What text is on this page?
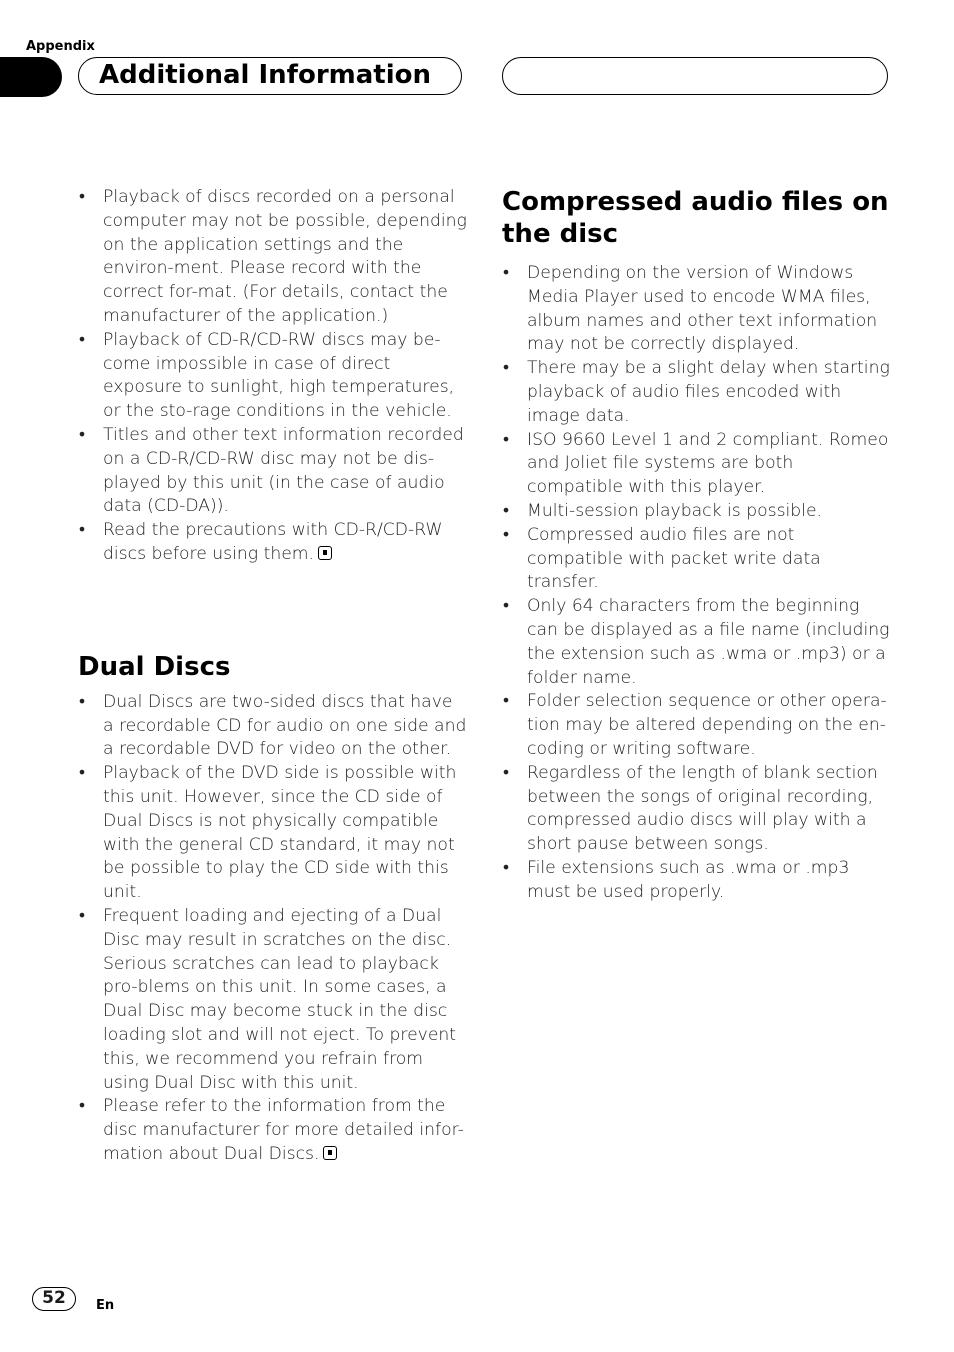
Appendix
Additional Information
• Playback of discs recorded on a personal computer may not be possible, depending on the application settings and the environ-ment. Please record with the correct for-mat. (For details, contact the manufacturer of the application.)
• Playback of CD-R/CD-RW discs may be-come impossible in case of direct exposure to sunlight, high temperatures, or the sto-rage conditions in the vehicle.
• Titles and other text information recorded on a CD-R/CD-RW disc may not be dis-played by this unit (in the case of audio data (CD-DA)).
• Read the precautions with CD-R/CD-RW discs before using them.
Dual Discs
• Dual Discs are two-sided discs that have a recordable CD for audio on one side and a recordable DVD for video on the other.
• Playback of the DVD side is possible with this unit. However, since the CD side of Dual Discs is not physically compatible with the general CD standard, it may not be possible to play the CD side with this unit.
• Frequent loading and ejecting of a Dual Disc may result in scratches on the disc. Serious scratches can lead to playback pro-blems on this unit. In some cases, a Dual Disc may become stuck in the disc loading slot and will not eject. To prevent this, we recommend you refrain from using Dual Disc with this unit.
• Please refer to the information from the disc manufacturer for more detailed infor-mation about Dual Discs.
Compressed audio files on the disc
• Depending on the version of Windows Media Player used to encode WMA files, album names and other text information may not be correctly displayed.
• There may be a slight delay when starting playback of audio files encoded with image data.
• ISO 9660 Level 1 and 2 compliant. Romeo and Joliet file systems are both compatible with this player.
• Multi-session playback is possible.
• Compressed audio files are not compatible with packet write data transfer.
• Only 64 characters from the beginning can be displayed as a file name (including the extension such as .wma or .mp3) or a folder name.
• Folder selection sequence or other opera-tion may be altered depending on the en-coding or writing software.
• Regardless of the length of blank section between the songs of original recording, compressed audio discs will play with a short pause between songs.
• File extensions such as .wma or .mp3 must be used properly.
52	En
